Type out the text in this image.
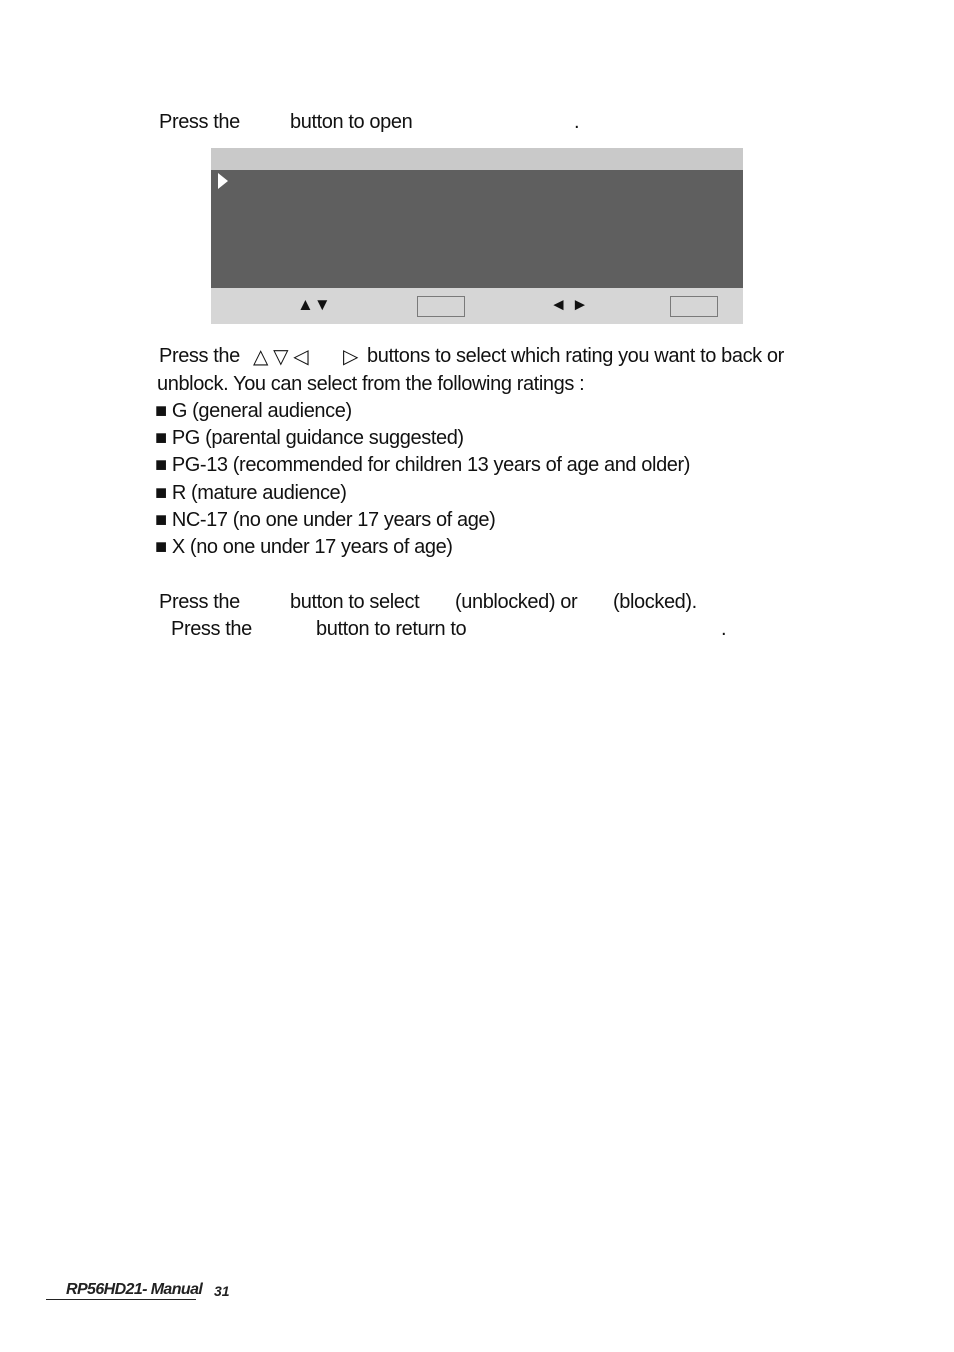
Press the	button to open	.
▲▼	◄ ►
Press the △ ▽ ◁ ▷ buttons to select which rating you want to back or
unblock. You can select from the following ratings :
■ G (general audience)
■ PG (parental guidance suggested)
■ PG-13 (recommended for children 13 years of age and older)
■ R (mature audience)
■ NC-17 (no one under 17 years of age)
■ X (no one under 17 years of age)
Press the	button to select (unblocked) or (blocked).
Press the	button to return to	.
RP56HD21- Manual 31
